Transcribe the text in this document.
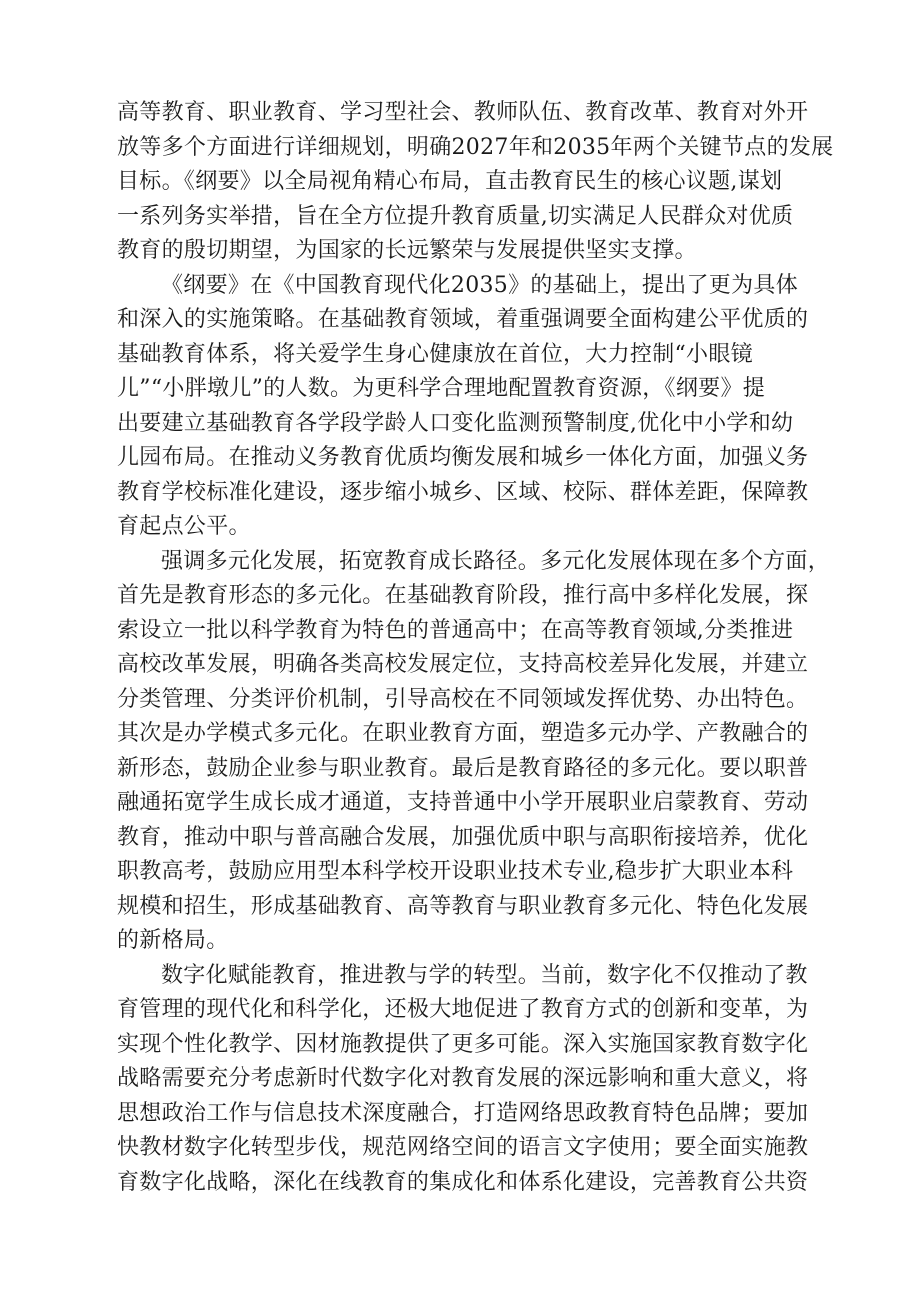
高等教育、职业教育、学习型社会、教师队伍、教育改革、教育对外开
放等多个方面进行详细规划，明确2027年和2035年两个关键节点的发展
目标。《纲要》以全局视角精心布局，直击教育民生的核心议题,谋划
一系列务实举措，旨在全方位提升教育质量,切实满足人民群众对优质
教育的殷切期望，为国家的长远繁荣与发展提供坚实支撑。
《纲要》在《中国教育现代化2035》的基础上，提出了更为具体
和深入的实施策略。在基础教育领域，着重强调要全面构建公平优质的
基础教育体系，将关爱学生身心健康放在首位，大力控制“小眼镜
儿”“小胖墩儿”的人数。为更科学合理地配置教育资源，《纲要》提
出要建立基础教育各学段学龄人口变化监测预警制度,优化中小学和幼
儿园布局。在推动义务教育优质均衡发展和城乡一体化方面，加强义务
教育学校标准化建设，逐步缩小城乡、区域、校际、群体差距，保障教
育起点公平。
强调多元化发展，拓宽教育成长路径。多元化发展体现在多个方面，
首先是教育形态的多元化。在基础教育阶段，推行高中多样化发展，探
索设立一批以科学教育为特色的普通高中；在高等教育领域,分类推进
高校改革发展，明确各类高校发展定位，支持高校差异化发展，并建立
分类管理、分类评价机制，引导高校在不同领域发挥优势、办出特色。
其次是办学模式多元化。在职业教育方面，塑造多元办学、产教融合的
新形态，鼓励企业参与职业教育。最后是教育路径的多元化。要以职普
融通拓宽学生成长成才通道，支持普通中小学开展职业启蒙教育、劳动
教育，推动中职与普高融合发展，加强优质中职与高职衔接培养，优化
职教高考，鼓励应用型本科学校开设职业技术专业,稳步扩大职业本科
规模和招生，形成基础教育、高等教育与职业教育多元化、特色化发展
的新格局。
数字化赋能教育，推进教与学的转型。当前，数字化不仅推动了教
育管理的现代化和科学化，还极大地促进了教育方式的创新和变革，为
实现个性化教学、因材施教提供了更多可能。深入实施国家教育数字化
战略需要充分考虑新时代数字化对教育发展的深远影响和重大意义，将
思想政治工作与信息技术深度融合，打造网络思政教育特色品牌；要加
快教材数字化转型步伐，规范网络空间的语言文字使用；要全面实施教
育数字化战略，深化在线教育的集成化和体系化建设，完善教育公共资
